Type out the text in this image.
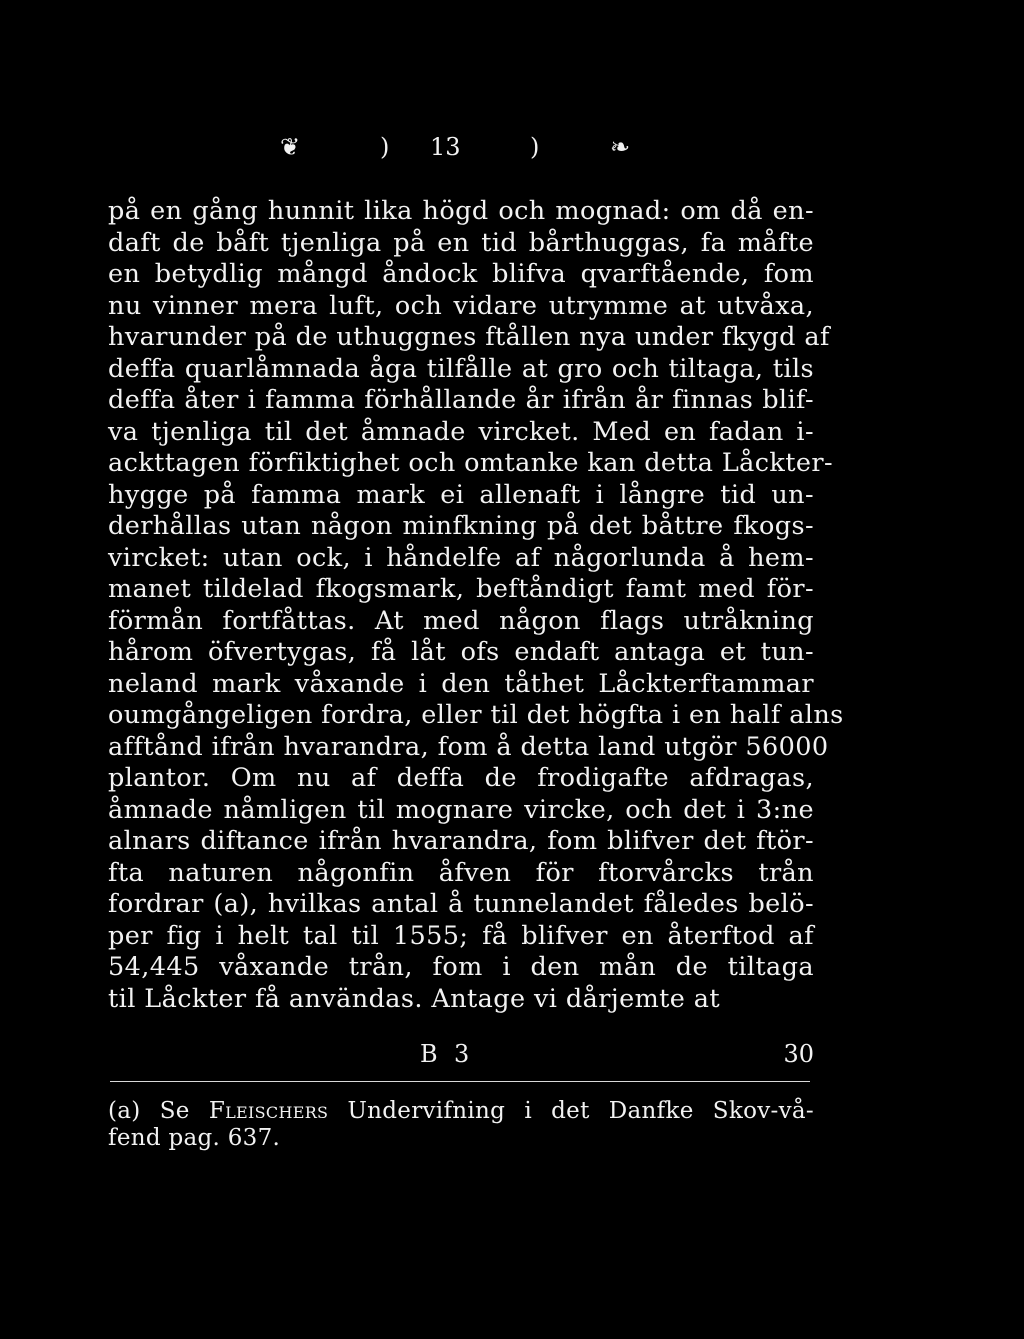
❦	) 13	)	❧
på en gång hunnit lika högd och mognad: om då en-
daft de båft tjenliga på en tid bårthuggas, fa måfte
en betydlig mångd åndock blifva qvarftående, fom
nu vinner mera luft, och vidare utrymme at utvåxa,
hvarunder på de uthuggnes ftållen nya under fkygd af
deffa quarlåmnada åga tilfålle at gro och tiltaga, tils
deffa åter i famma förhållande år ifrån år finnas blif-
va tjenliga til det åmnade vircket. Med en fadan i-
ackttagen förfiktighet och omtanke kan detta Låckter-
hygge på famma mark ei allenaft i långre tid un-
derhållas utan någon minfkning på det båttre fkogs-
vircket: utan ock, i håndelfe af någorlunda å hem-
manet tildelad fkogsmark, beftåndigt famt med för-
förmån fortfåttas. At med någon flags utråkning
hårom öfvertygas, få låt ofs endaft antaga et tun-
neland mark våxande i den tåthet Låckterftammar
oumgångeligen fordra, eller til det högfta i en half alns
afftånd ifrån hvarandra, fom å detta land utgör 56000
plantor. Om nu af deffa de frodigafte afdragas,
åmnade nåmligen til mognare vircke, och det i 3:ne
alnars diftance ifrån hvarandra, fom blifver det ftör-
fta naturen någonfin åfven för ftorvårcks trån
fordrar (a), hvilkas antal å tunnelandet fåledes belö-
per fig i helt tal til 1555; få blifver en återftod af
54,445 våxande trån, fom i den mån de tiltaga
til Låckter få användas. Antage vi dårjemte at
B 3	30
(a) Se Fleischers Undervifning i det Danfke Skov-vå-
fend pag. 637.
